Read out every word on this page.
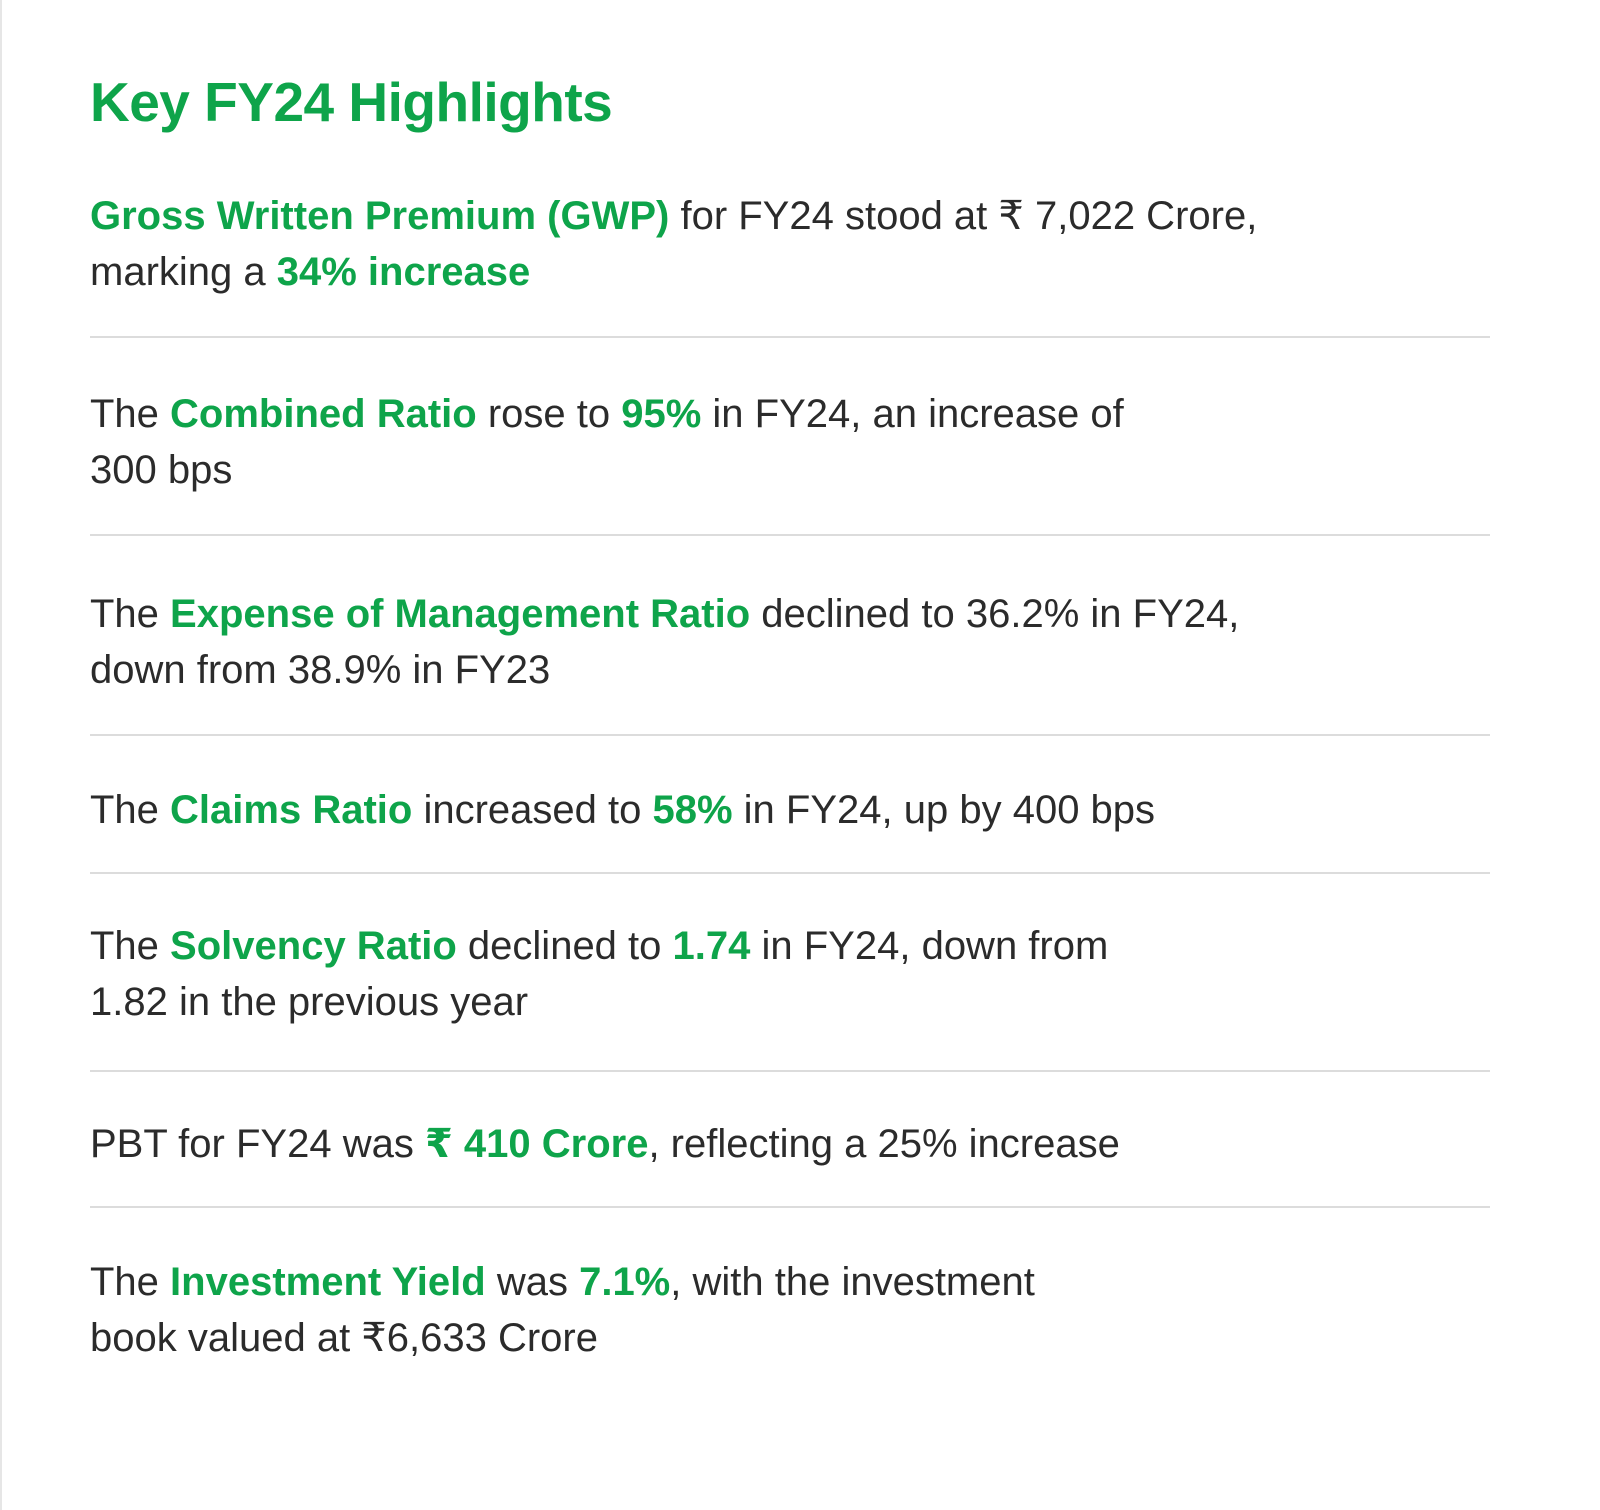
Key FY24 Highlights
Gross Written Premium (GWP) for FY24 stood at ₹ 7,022 Crore,
marking a 34% increase
The Combined Ratio rose to 95% in FY24, an increase of
300 bps
The Expense of Management Ratio declined to 36.2% in FY24,
down from 38.9% in FY23
The Claims Ratio increased to 58% in FY24, up by 400 bps
The Solvency Ratio declined to 1.74 in FY24, down from
1.82 in the previous year
PBT for FY24 was ₹ 410 Crore, reflecting a 25% increase
The Investment Yield was 7.1%, with the investment
book valued at ₹6,633 Crore
